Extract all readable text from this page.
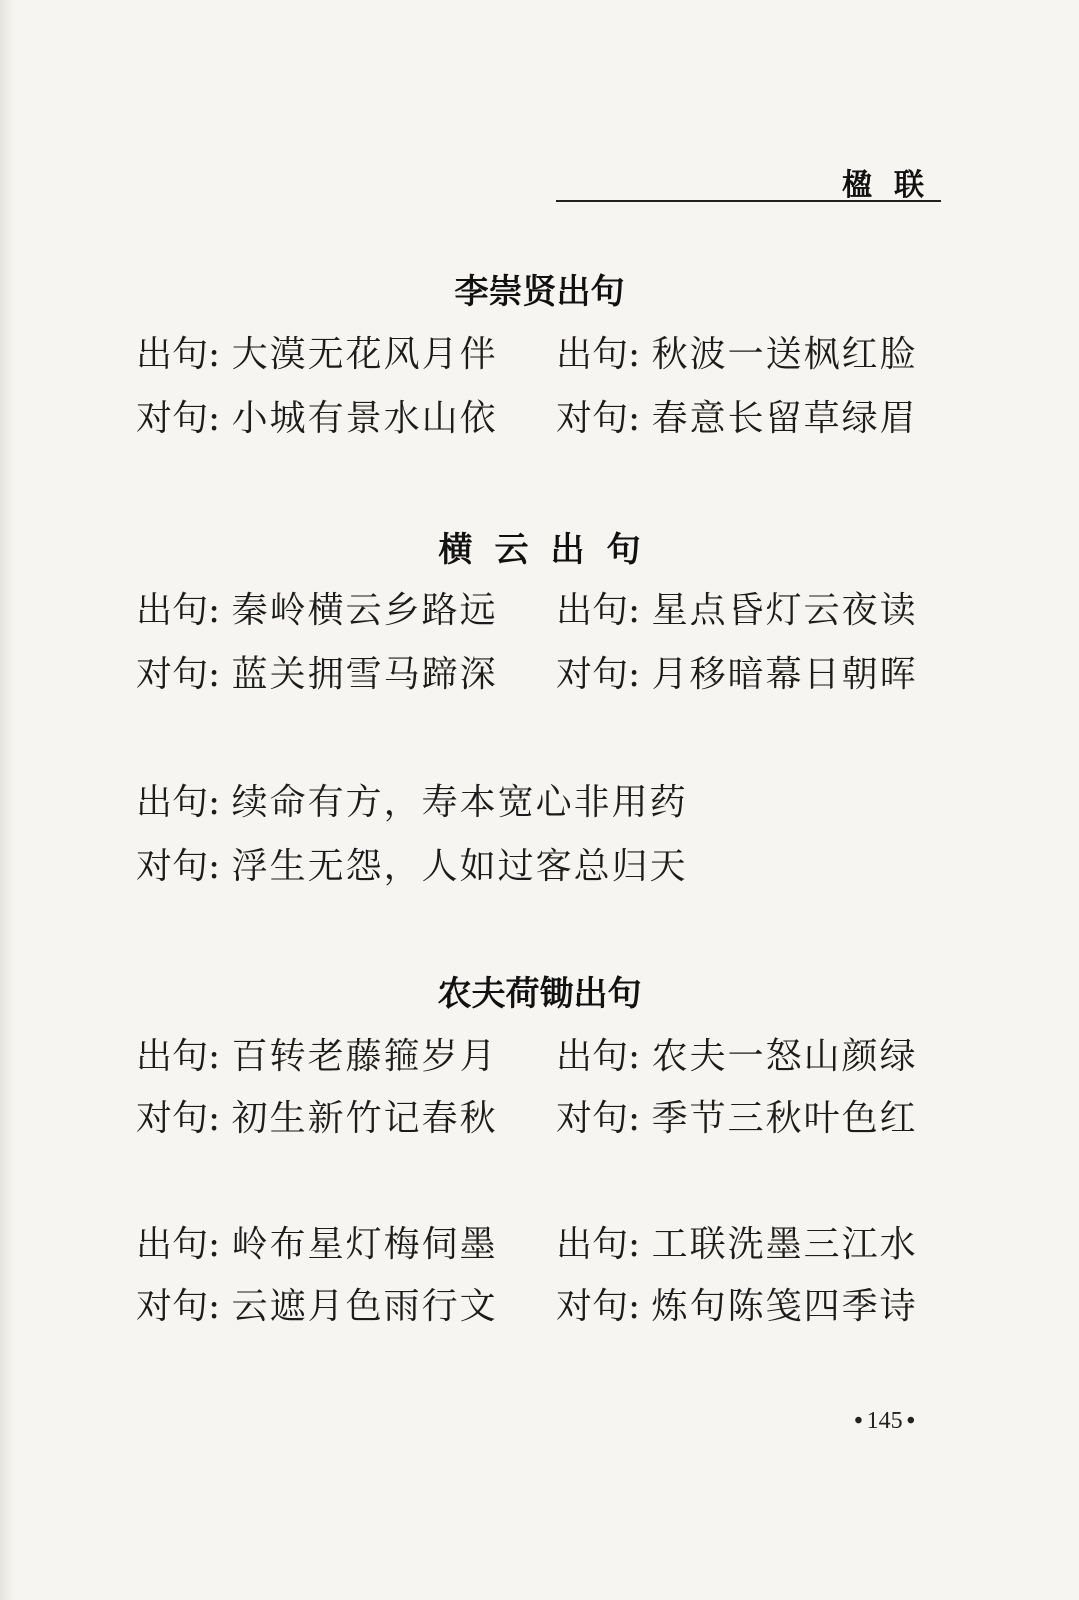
楹联
李崇贤出句
出句: 大漠无花风月伴 出句: 秋波一送枫红脸
对句: 小城有景水山依 对句: 春意长留草绿眉
横云出句
出句: 秦岭横云乡路远 出句: 星点昏灯云夜读
对句: 蓝关拥雪马蹄深 对句: 月移暗幕日朝晖
出句: 续命有方，寿本宽心非用药
对句: 浮生无怨，人如过客总归天
农夫荷锄出句
出句: 百转老藤箍岁月 出句: 农夫一怒山颜绿
对句: 初生新竹记春秋 对句: 季节三秋叶色红
出句: 岭布星灯梅伺墨 出句: 工联洗墨三江水
对句: 云遮月色雨行文 对句: 炼句陈笺四季诗
• 145 •
